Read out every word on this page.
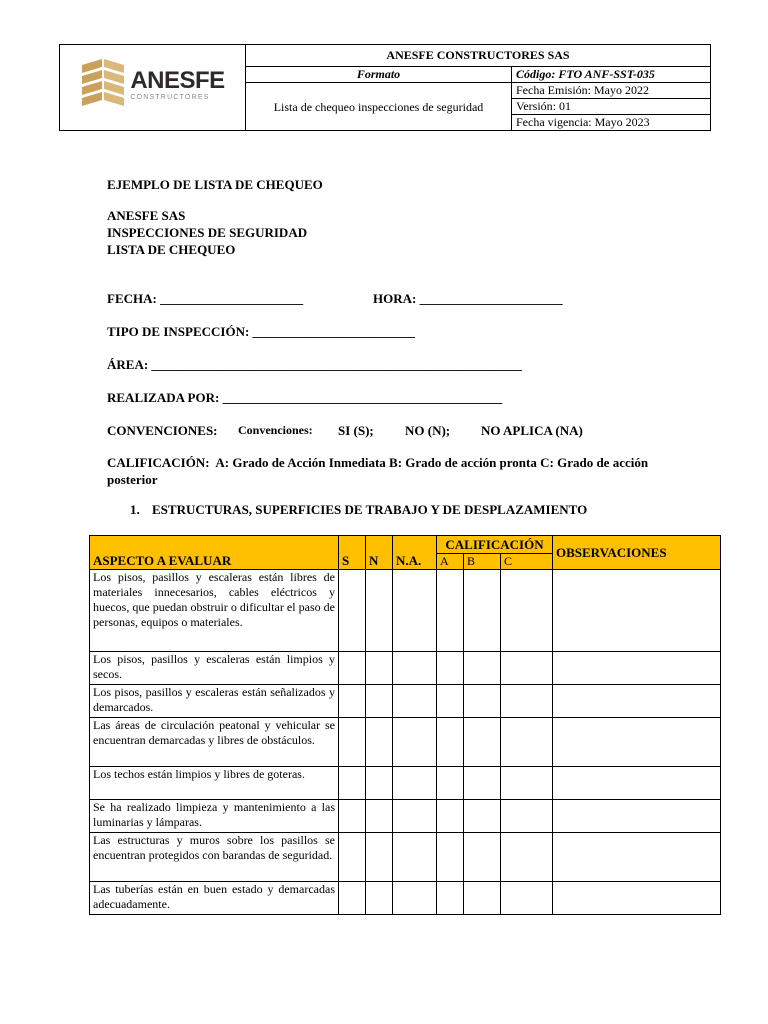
ANESFE
CONSTRUCTORES	ANESFE CONSTRUCTORES SAS	
	Formato	Código: FTO ANF-SST-035
	Lista de chequeo inspecciones de seguridad	Fecha Emisión: Mayo 2022
		Versión: 01
		Fecha vigencia: Mayo 2023
EJEMPLO DE LISTA DE CHEQUEO
ANESFE SAS
INSPECCIONES DE SEGURIDAD
LISTA DE CHEQUEO
FECHA: ______________________	HORA: ______________________
TIPO DE INSPECCIÓN: _________________________
ÁREA: _________________________________________________________
REALIZADA POR: ___________________________________________
CONVENCIONES: Convenciones: SI (S); NO (N); NO APLICA (NA)
CALIFICACIÓN: A: Grado de Acción Inmediata B: Grado de acción pronta C: Grado de acción posterior
1. ESTRUCTURAS, SUPERFICIES DE TRABAJO Y DE DESPLAZAMIENTO
ASPECTO A EVALUAR	S	N	N.A.	CALIFICACIÓN			OBSERVACIONES
				A	B	C	
Los pisos, pasillos y escaleras están libres de materiales innecesarios, cables eléctricos y huecos, que puedan obstruir o dificultar el paso de personas, equipos o materiales.							
Los pisos, pasillos y escaleras están limpios y secos.							
Los pisos, pasillos y escaleras están señalizados y demarcados.							
Las áreas de circulación peatonal y vehicular se encuentran demarcadas y libres de obstáculos.							
Los techos están limpios y libres de goteras.							
Se ha realizado limpieza y mantenimiento a las luminarias y lámparas.							
Las estructuras y muros sobre los pasillos se encuentran protegidos con barandas de seguridad.							
Las tuberías están en buen estado y demarcadas adecuadamente.							
